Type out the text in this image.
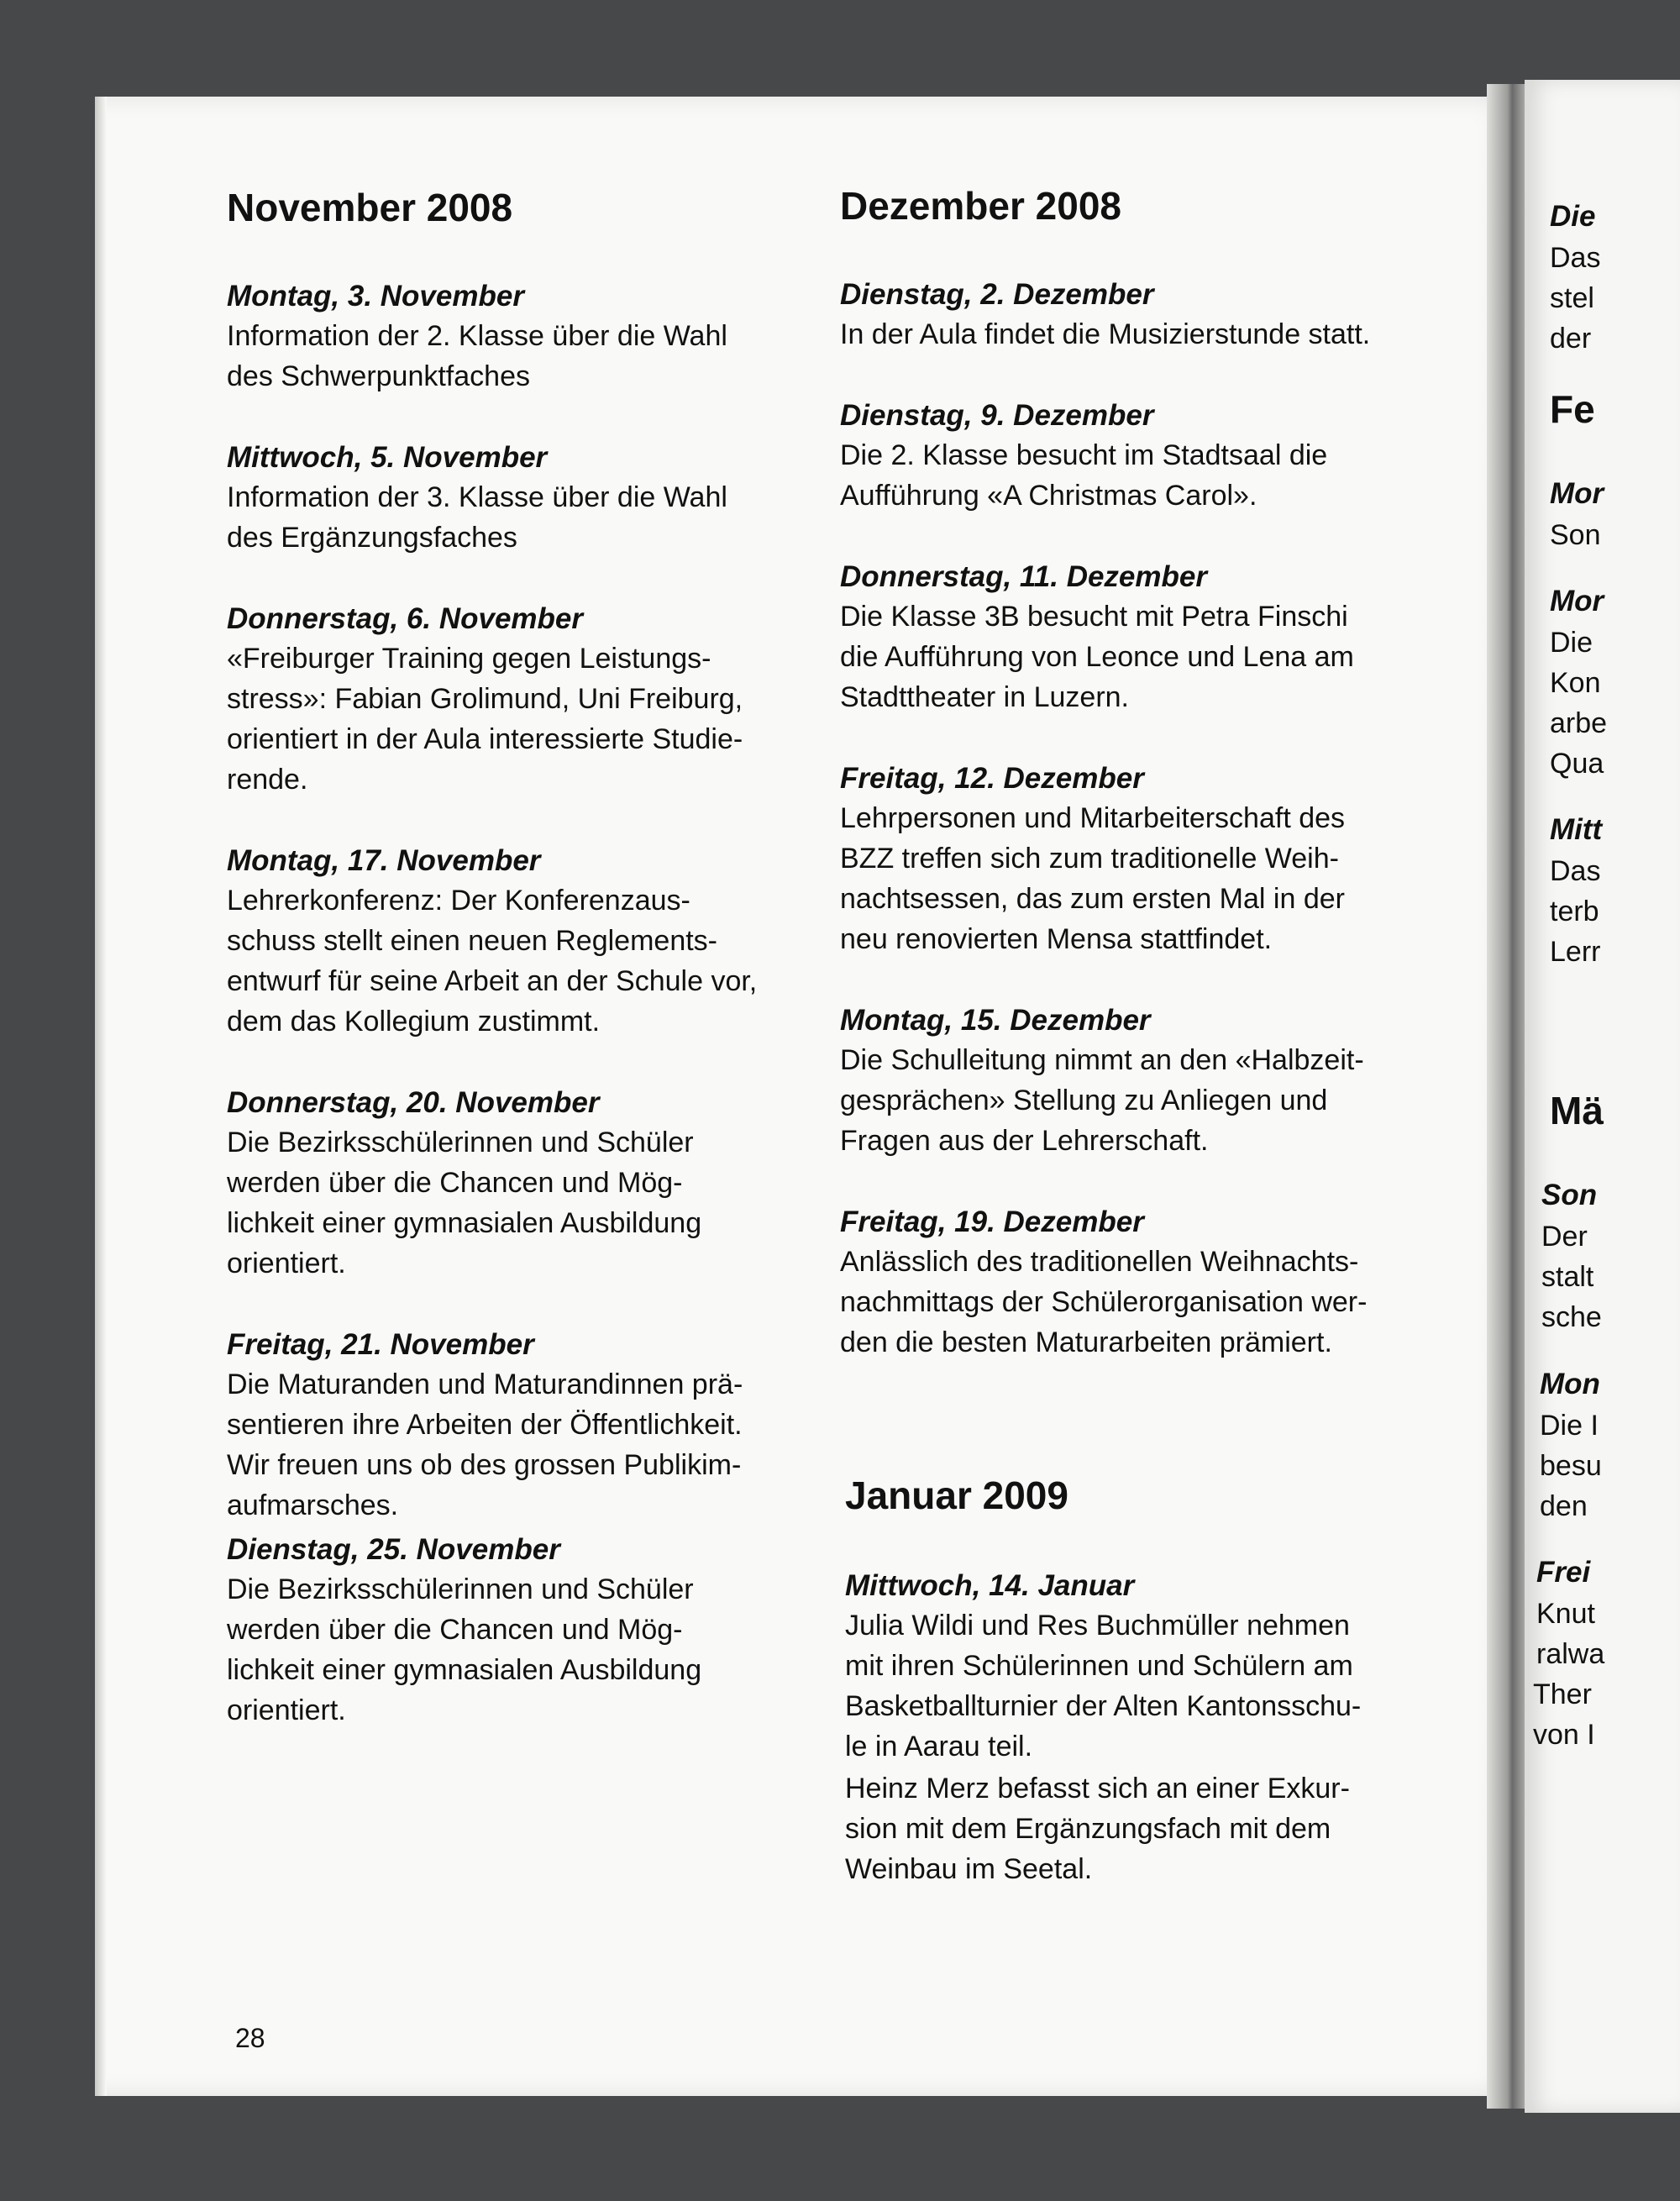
November 2008

Montag, 3. November

Information der 2. Klasse über die Wahl
des Schwerpunktfaches

Mittwoch, 5. November

Information der 3. Klasse über die Wahl
des Ergänzungsfaches

Donnerstag, 6. November

«Freiburger Training gegen Leistungs-
stress»: Fabian Grolimund, Uni Freiburg,
orientiert in der Aula interessierte Studie-
rende.

Montag, 17. November

Lehrerkonferenz: Der Konferenzaus-
schuss stellt einen neuen Reglements-
entwurf für seine Arbeit an der Schule vor,
dem das Kollegium zustimmt.

Donnerstag, 20. November

Die Bezirksschülerinnen und Schüler
werden über die Chancen und Mög-
lichkeit einer gymnasialen Ausbildung
orientiert.

Freitag, 21. November

Die Maturanden und Maturandinnen prä-
sentieren ihre Arbeiten der Öffentlichkeit.
Wir freuen uns ob des grossen Publikim-
aufmarsches.

Dienstag, 25. November

Die Bezirksschülerinnen und Schüler
werden über die Chancen und Mög-
lichkeit einer gymnasialen Ausbildung
orientiert.

Dezember 2008

Dienstag, 2. Dezember

In der Aula findet die Musizierstunde statt.

Dienstag, 9. Dezember

Die 2. Klasse besucht im Stadtsaal die
Aufführung «A Christmas Carol».

Donnerstag, 11. Dezember

Die Klasse 3B besucht mit Petra Finschi
die Aufführung von Leonce und Lena am
Stadttheater in Luzern.

Freitag, 12. Dezember

Lehrpersonen und Mitarbeiterschaft des
BZZ treffen sich zum traditionelle Weih-
nachtsessen, das zum ersten Mal in der
neu renovierten Mensa stattfindet.

Montag, 15. Dezember

Die Schulleitung nimmt an den «Halbzeit-
gesprächen» Stellung zu Anliegen und
Fragen aus der Lehrerschaft.

Freitag, 19. Dezember

Anlässlich des traditionellen Weihnachts-
nachmittags der Schülerorganisation wer-
den die besten Maturarbeiten prämiert.

Januar 2009

Mittwoch, 14. Januar

Julia Wildi und Res Buchmüller nehmen
mit ihren Schülerinnen und Schülern am
Basketballturnier der Alten Kantonsschu-
le in Aarau teil.

Heinz Merz befasst sich an einer Exkur-
sion mit dem Ergänzungsfach mit dem
Weinbau im Seetal.

28
Die
Das
stel
der
Fe
Mor
Son
Mor
Die
Kon
arbe
Qua
Mitt
Das
terb
Lerr
Mä
Son
Der
stalt
sche
Mon
Die I
besu
den
Frei
Knut
ralwa
Ther
von I
